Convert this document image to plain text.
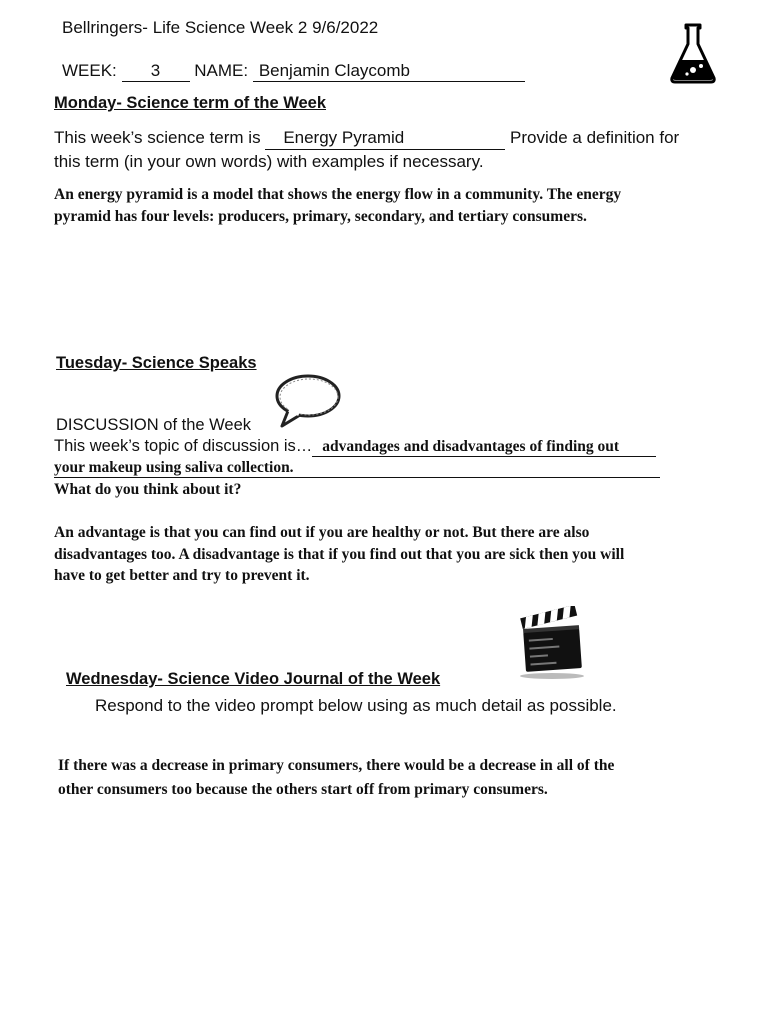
Bellringers- Life Science Week 2 9/6/2022
WEEK: 3 NAME: Benjamin Claycomb
Monday- Science term of the Week
This week’s science term is Energy Pyramid	Provide a definition for
this term (in your own words) with examples if necessary.
An energy pyramid is a model that shows the energy flow in a community. The energy
pyramid has four levels: producers, primary, secondary, and tertiary consumers.
Tuesday- Science Speaks
DISCUSSION of the Week
This week’s topic of discussion is… advandages and disadvantages of finding out
your makeup using saliva collection.
What do you think about it?
An advantage is that you can find out if you are healthy or not. But there are also
disadvantages too. A disadvantage is that if you find out that you are sick then you will
have to get better and try to prevent it.
Wednesday- Science Video Journal of the Week
Respond to the video prompt below using as much detail as possible.
If there was a decrease in primary consumers, there would be a decrease in all of the
other consumers too because the others start off from primary consumers.
